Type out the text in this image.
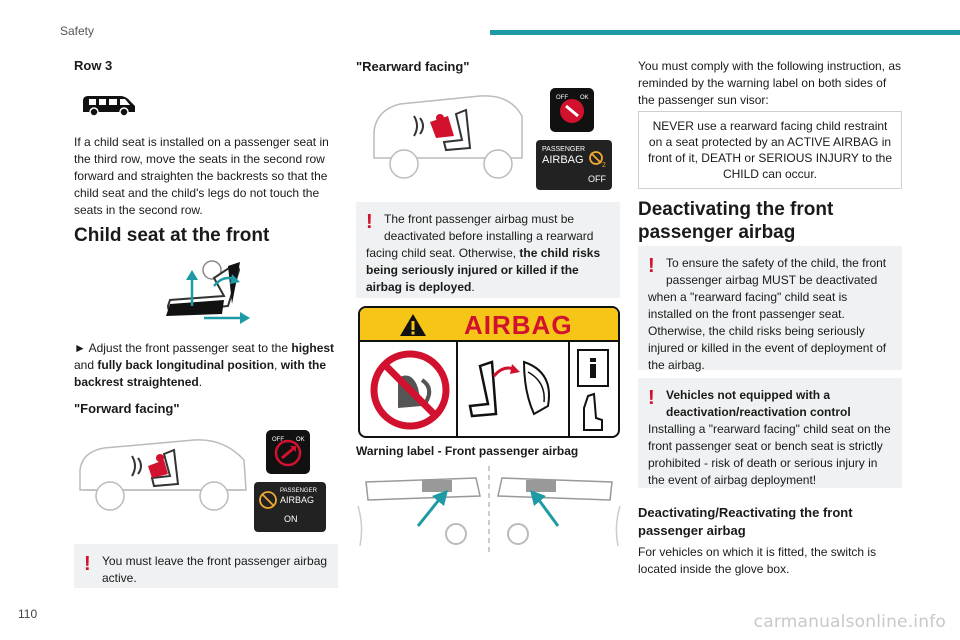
Safety
110	carmanualsonline.info
Row 3
If a child seat is installed on a passenger seat in the third row, move the seats in the second row forward and straighten the backrests so that the child seat and the child's legs do not touch the seats in the second row.
Child seat at the front
► Adjust the front passenger seat to the highest and fully back longitudinal position, with the backrest straightened.
"Forward facing"
OFF OK
PASSENGER
AIRBAG
ON
! You must leave the front passenger airbag active.
"Rearward facing"
OFF OK
PASSENGER
AIRBAG	2
OFF
! The front passenger airbag must be deactivated before installing a rearward facing child seat. Otherwise, the child risks being seriously injured or killed if the airbag is deployed.
AIRBAG
Warning label - Front passenger airbag
You must comply with the following instruction, as reminded by the warning label on both sides of the passenger sun visor:
NEVER use a rearward facing child restraint on a seat protected by an ACTIVE AIRBAG in front of it, DEATH or SERIOUS INJURY to the CHILD can occur.
Deactivating the front passenger airbag
! To ensure the safety of the child, the front passenger airbag MUST be deactivated when a "rearward facing" child seat is installed on the front passenger seat. Otherwise, the child risks being seriously injured or killed in the event of deployment of the airbag.
! Vehicles not equipped with a deactivation/reactivation control
Installing a "rearward facing" child seat on the front passenger seat or bench seat is strictly prohibited - risk of death or serious injury in the event of airbag deployment!
Deactivating/Reactivating the front passenger airbag
For vehicles on which it is fitted, the switch is located inside the glove box.
